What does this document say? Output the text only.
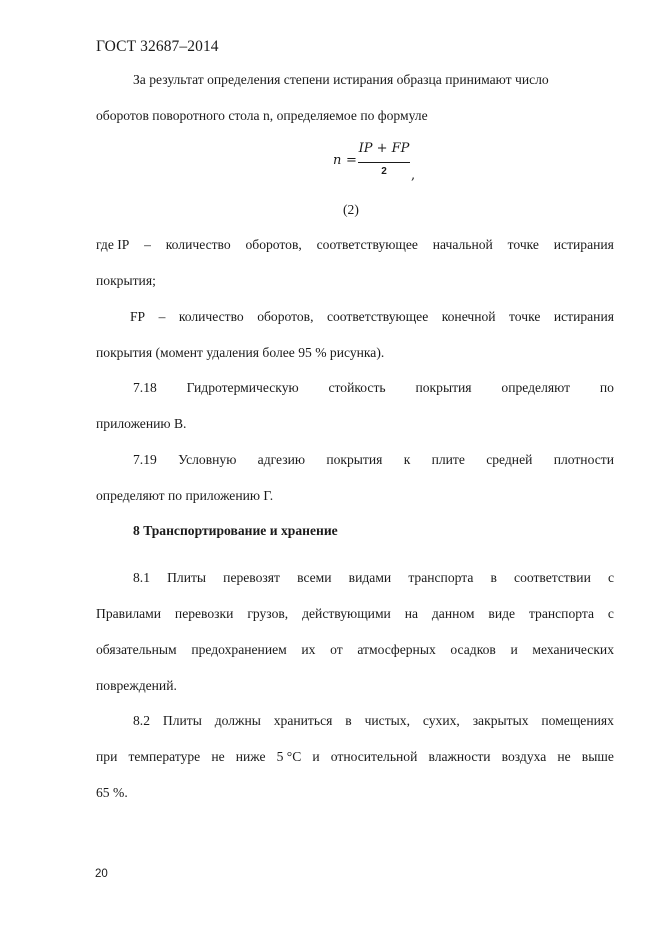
ГОСТ 32687–2014
За результат определения степени истирания образца принимают число
оборотов поворотного стола n, определяемое по формуле
n =
IP + FP
2	,
(2)
где IP – количество оборотов, соответствующее начальной точке истирания
покрытия;
FP – количество оборотов, соответствующее конечной точке истирания
покрытия (момент удаления более 95 % рисунка).
7.18 Гидротермическую стойкость покрытия определяют по
приложению В.
7.19 Условную адгезию покрытия к плите средней плотности
определяют по приложению Г.
8 Транспортирование и хранение
8.1 Плиты перевозят всеми видами транспорта в соответствии с
Правилами перевозки грузов, действующими на данном виде транспорта с
обязательным предохранением их от атмосферных осадков и механических
повреждений.
8.2 Плиты должны храниться в чистых, сухих, закрытых помещениях
при температуре не ниже 5 °С и относительной влажности воздуха не выше
65 %.
20
